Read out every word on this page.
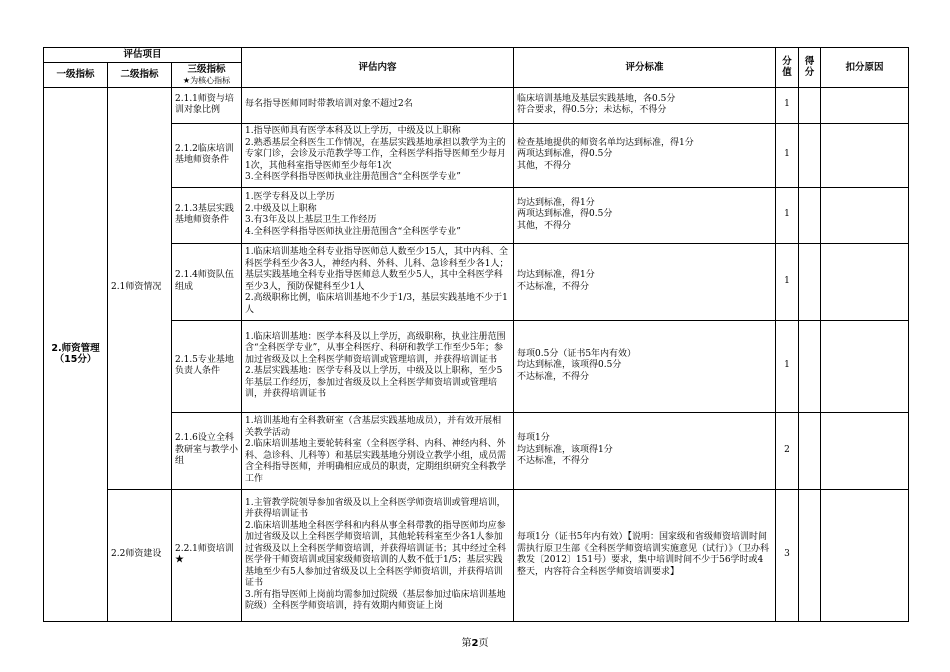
评估项目			评估内容	评分标准	分值	得分	扣分原因
一级指标	二级指标	三级指标
★为核心指标					

2.师资管理
（15分）	2.1师资情况	2.1.1师资与培训对象比例	每名指导医师同时带教培训对象不超过2名	临床培训基地及基层实践基地，各0.5分
符合要求，得0.5分；未达标，不得分	1		
		2.1.2临床培训基地师资条件	1.指导医师具有医学本科及以上学历，中级及以上职称
2.熟悉基层全科医生工作情况，在基层实践基地承担以教学为主的专家门诊，会诊及示范教学等工作，全科医学科指导医师至少每月1次，其他科室指导医师至少每年1次
3.全科医学科指导医师执业注册范围含“全科医学专业”	检查基地提供的师资名单均达到标准，得1分
两项达到标准，得0.5分
其他，不得分	1		
		2.1.3基层实践基地师资条件	1.医学专科及以上学历
2.中级及以上职称
3.有3年及以上基层卫生工作经历
4.全科医学科指导医师执业注册范围含“全科医学专业”	均达到标准，得1分
两项达到标准，得0.5分
其他，不得分	1		
		2.1.4师资队伍组成	1.临床培训基地全科专业指导医师总人数至少15人，其中内科、全科医学科至少各3人，神经内科、外科、儿科、急诊科至少各1人；基层实践基地全科专业指导医师总人数至少5人，其中全科医学科至少3人，预防保健科至少1人
2.高级职称比例，临床培训基地不少于1/3，基层实践基地不少于1人	均达到标准，得1分
不达标准，不得分	1		
		2.1.5专业基地负责人条件	1.临床培训基地：医学本科及以上学历，高级职称，执业注册范围含“全科医学专业”，从事全科医疗、科研和教学工作至少5年；参加过省级及以上全科医学师资培训或管理培训，并获得培训证书
2.基层实践基地：医学专科及以上学历，中级及以上职称，至少5年基层工作经历，参加过省级及以上全科医学师资培训或管理培训，并获得培训证书	每项0.5分（证书5年内有效）
均达到标准，该项得0.5分
不达标准，不得分	1		
		2.1.6设立全科教研室与教学小组	1.培训基地有全科教研室（含基层实践基地成员），并有效开展相关教学活动
2.临床培训基地主要轮转科室（全科医学科、内科、神经内科、外科、急诊科、儿科等）和基层实践基地分别设立教学小组，成员需含全科指导医师，并明确相应成员的职责，定期组织研究全科教学工作	每项1分
均达到标准，该项得1分
不达标准，不得分	2		
	2.2师资建设	2.2.1师资培训★	1.主管教学院领导参加省级及以上全科医学师资培训或管理培训，并获得培训证书
2.临床培训基地全科医学科和内科从事全科带教的指导医师均应参加过省级及以上全科医学师资培训，其他轮转科室至少各1人参加过省级及以上全科医学师资培训，并获得培训证书；其中经过全科医学骨干师资培训或国家级师资培训的人数不低于1/5；基层实践基地至少有5人参加过省级及以上全科医学师资培训，并获得培训证书
3.所有指导医师上岗前均需参加过院级（基层参加过临床培训基地院级）全科医学师资培训，持有效期内师资证上岗	每项1分（证书5年内有效）【说明：国家级和省级师资培训时间需执行原卫生部《全科医学师资培训实施意见（试行）》（卫办科教发〔2012〕151号）要求，集中培训时间不少于56学时或4整天，内容符合全科医学师资培训要求】	3		
第2页
